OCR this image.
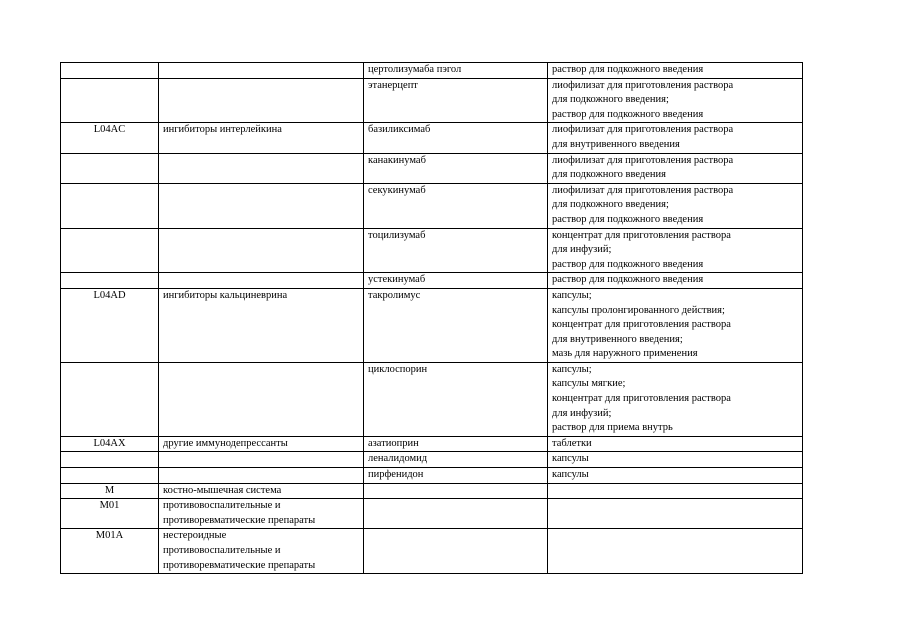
		цертолизумаба пэгол	раствор для подкожного введения

		этанерцепт	лиофилизат для приготовления раствора
для подкожного введения;
раствор для подкожного введения

L04AC	ингибиторы интерлейкина	базиликсимаб	лиофилизат для приготовления раствора
для внутривенного введения

		канакинумаб	лиофилизат для приготовления раствора
для подкожного введения

		секукинумаб	лиофилизат для приготовления раствора
для подкожного введения;
раствор для подкожного введения

		тоцилизумаб	концентрат для приготовления раствора
для инфузий;
раствор для подкожного введения

		устекинумаб	раствор для подкожного введения

L04AD	ингибиторы кальциневрина	такролимус	капсулы;
капсулы пролонгированного действия;
концентрат для приготовления раствора
для внутривенного введения;
мазь для наружного применения

		циклоспорин	капсулы;
капсулы мягкие;
концентрат для приготовления раствора
для инфузий;
раствор для приема внутрь

L04AX	другие иммунодепрессанты	азатиоприн	таблетки

		леналидомид	капсулы

		пирфенидон	капсулы

M	костно-мышечная система		

M01	противовоспалительные и
противоревматические препараты		

M01A	нестероидные
противовоспалительные и
противоревматические препараты		
